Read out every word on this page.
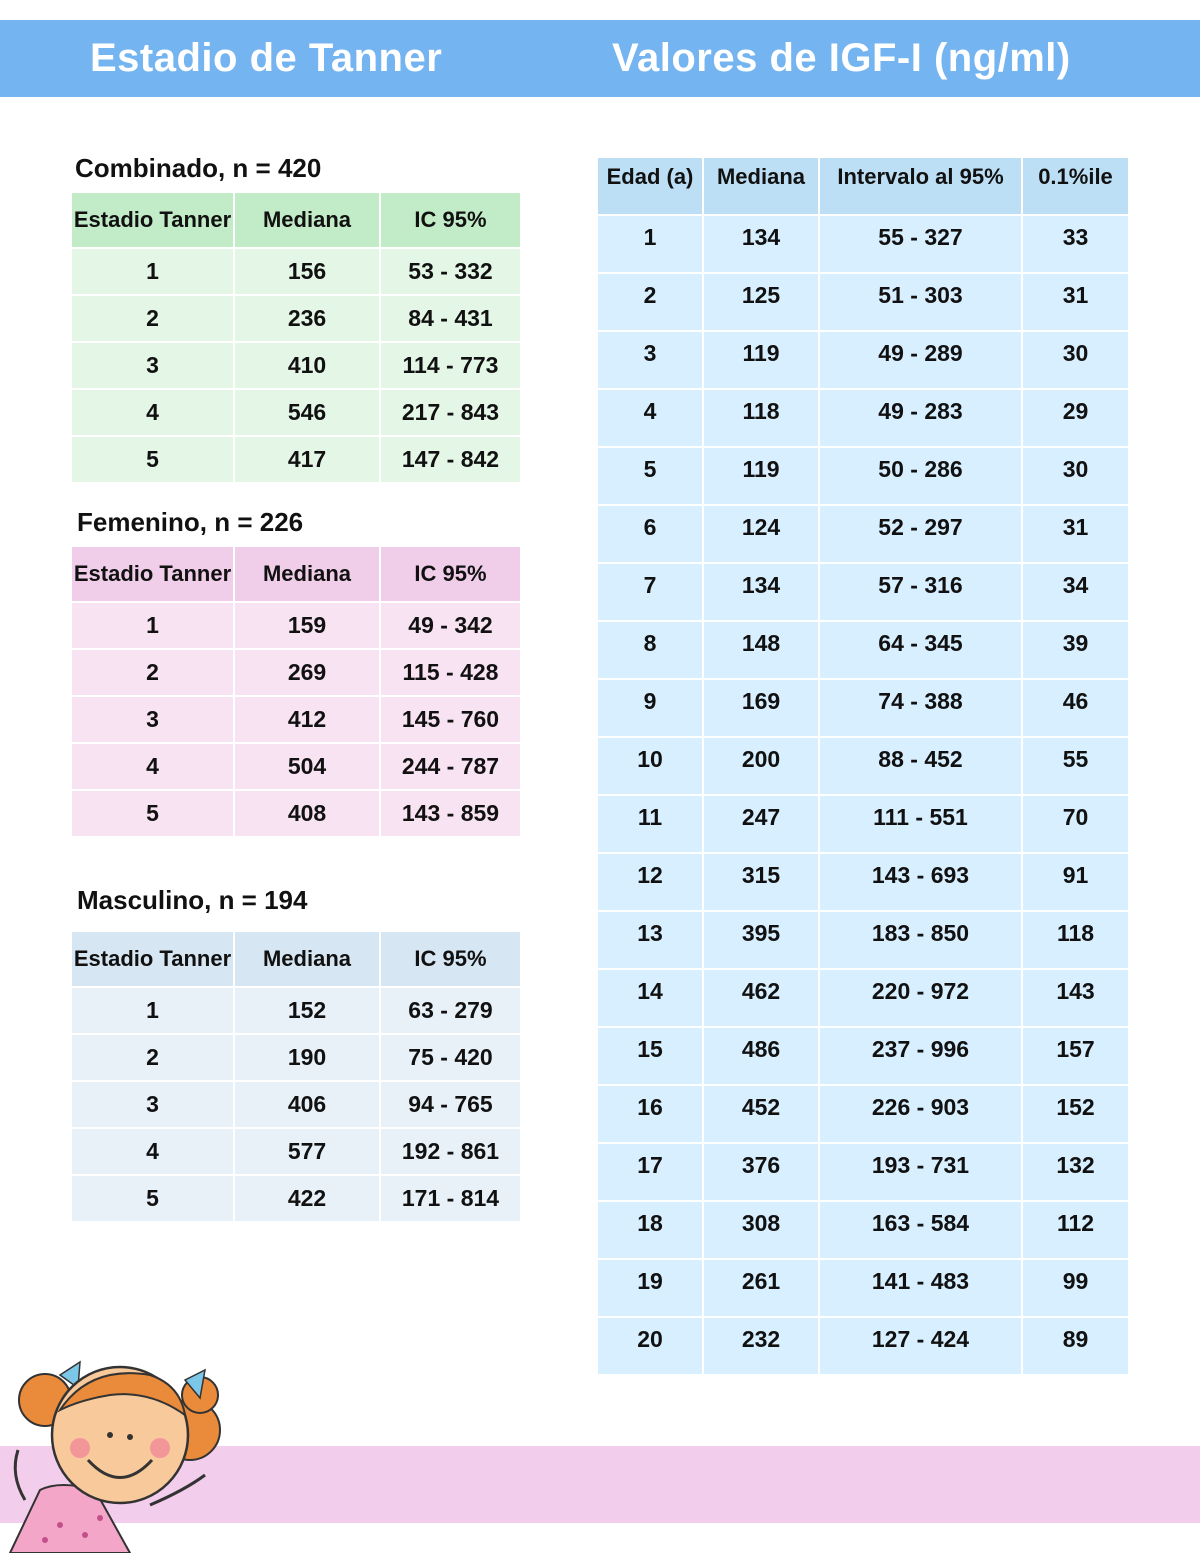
Estadio de Tanner	Valores de IGF-I (ng/ml)
Combinado, n = 420
Estadio Tanner	Mediana	IC 95%
1	156	53 - 332
2	236	84 - 431
3	410	114 - 773
4	546	217 - 843
5	417	147 - 842
Femenino, n = 226
Estadio Tanner	Mediana	IC 95%
1	159	49 - 342
2	269	115 - 428
3	412	145 - 760
4	504	244 - 787
5	408	143 - 859
Masculino, n = 194
Estadio Tanner	Mediana	IC 95%
1	152	63 - 279
2	190	75 - 420
3	406	94 - 765
4	577	192 - 861
5	422	171 - 814
Edad (a)	Mediana	Intervalo al 95%	0.1%ile
1	134	55 - 327	33
2	125	51 - 303	31
3	119	49 - 289	30
4	118	49 - 283	29
5	119	50 - 286	30
6	124	52 - 297	31
7	134	57 - 316	34
8	148	64 - 345	39
9	169	74 - 388	46
10	200	88 - 452	55
11	247	111 - 551	70
12	315	143 - 693	91
13	395	183 - 850	118
14	462	220 - 972	143
15	486	237 - 996	157
16	452	226 - 903	152
17	376	193 - 731	132
18	308	163 - 584	112
19	261	141 - 483	99
20	232	127 - 424	89
